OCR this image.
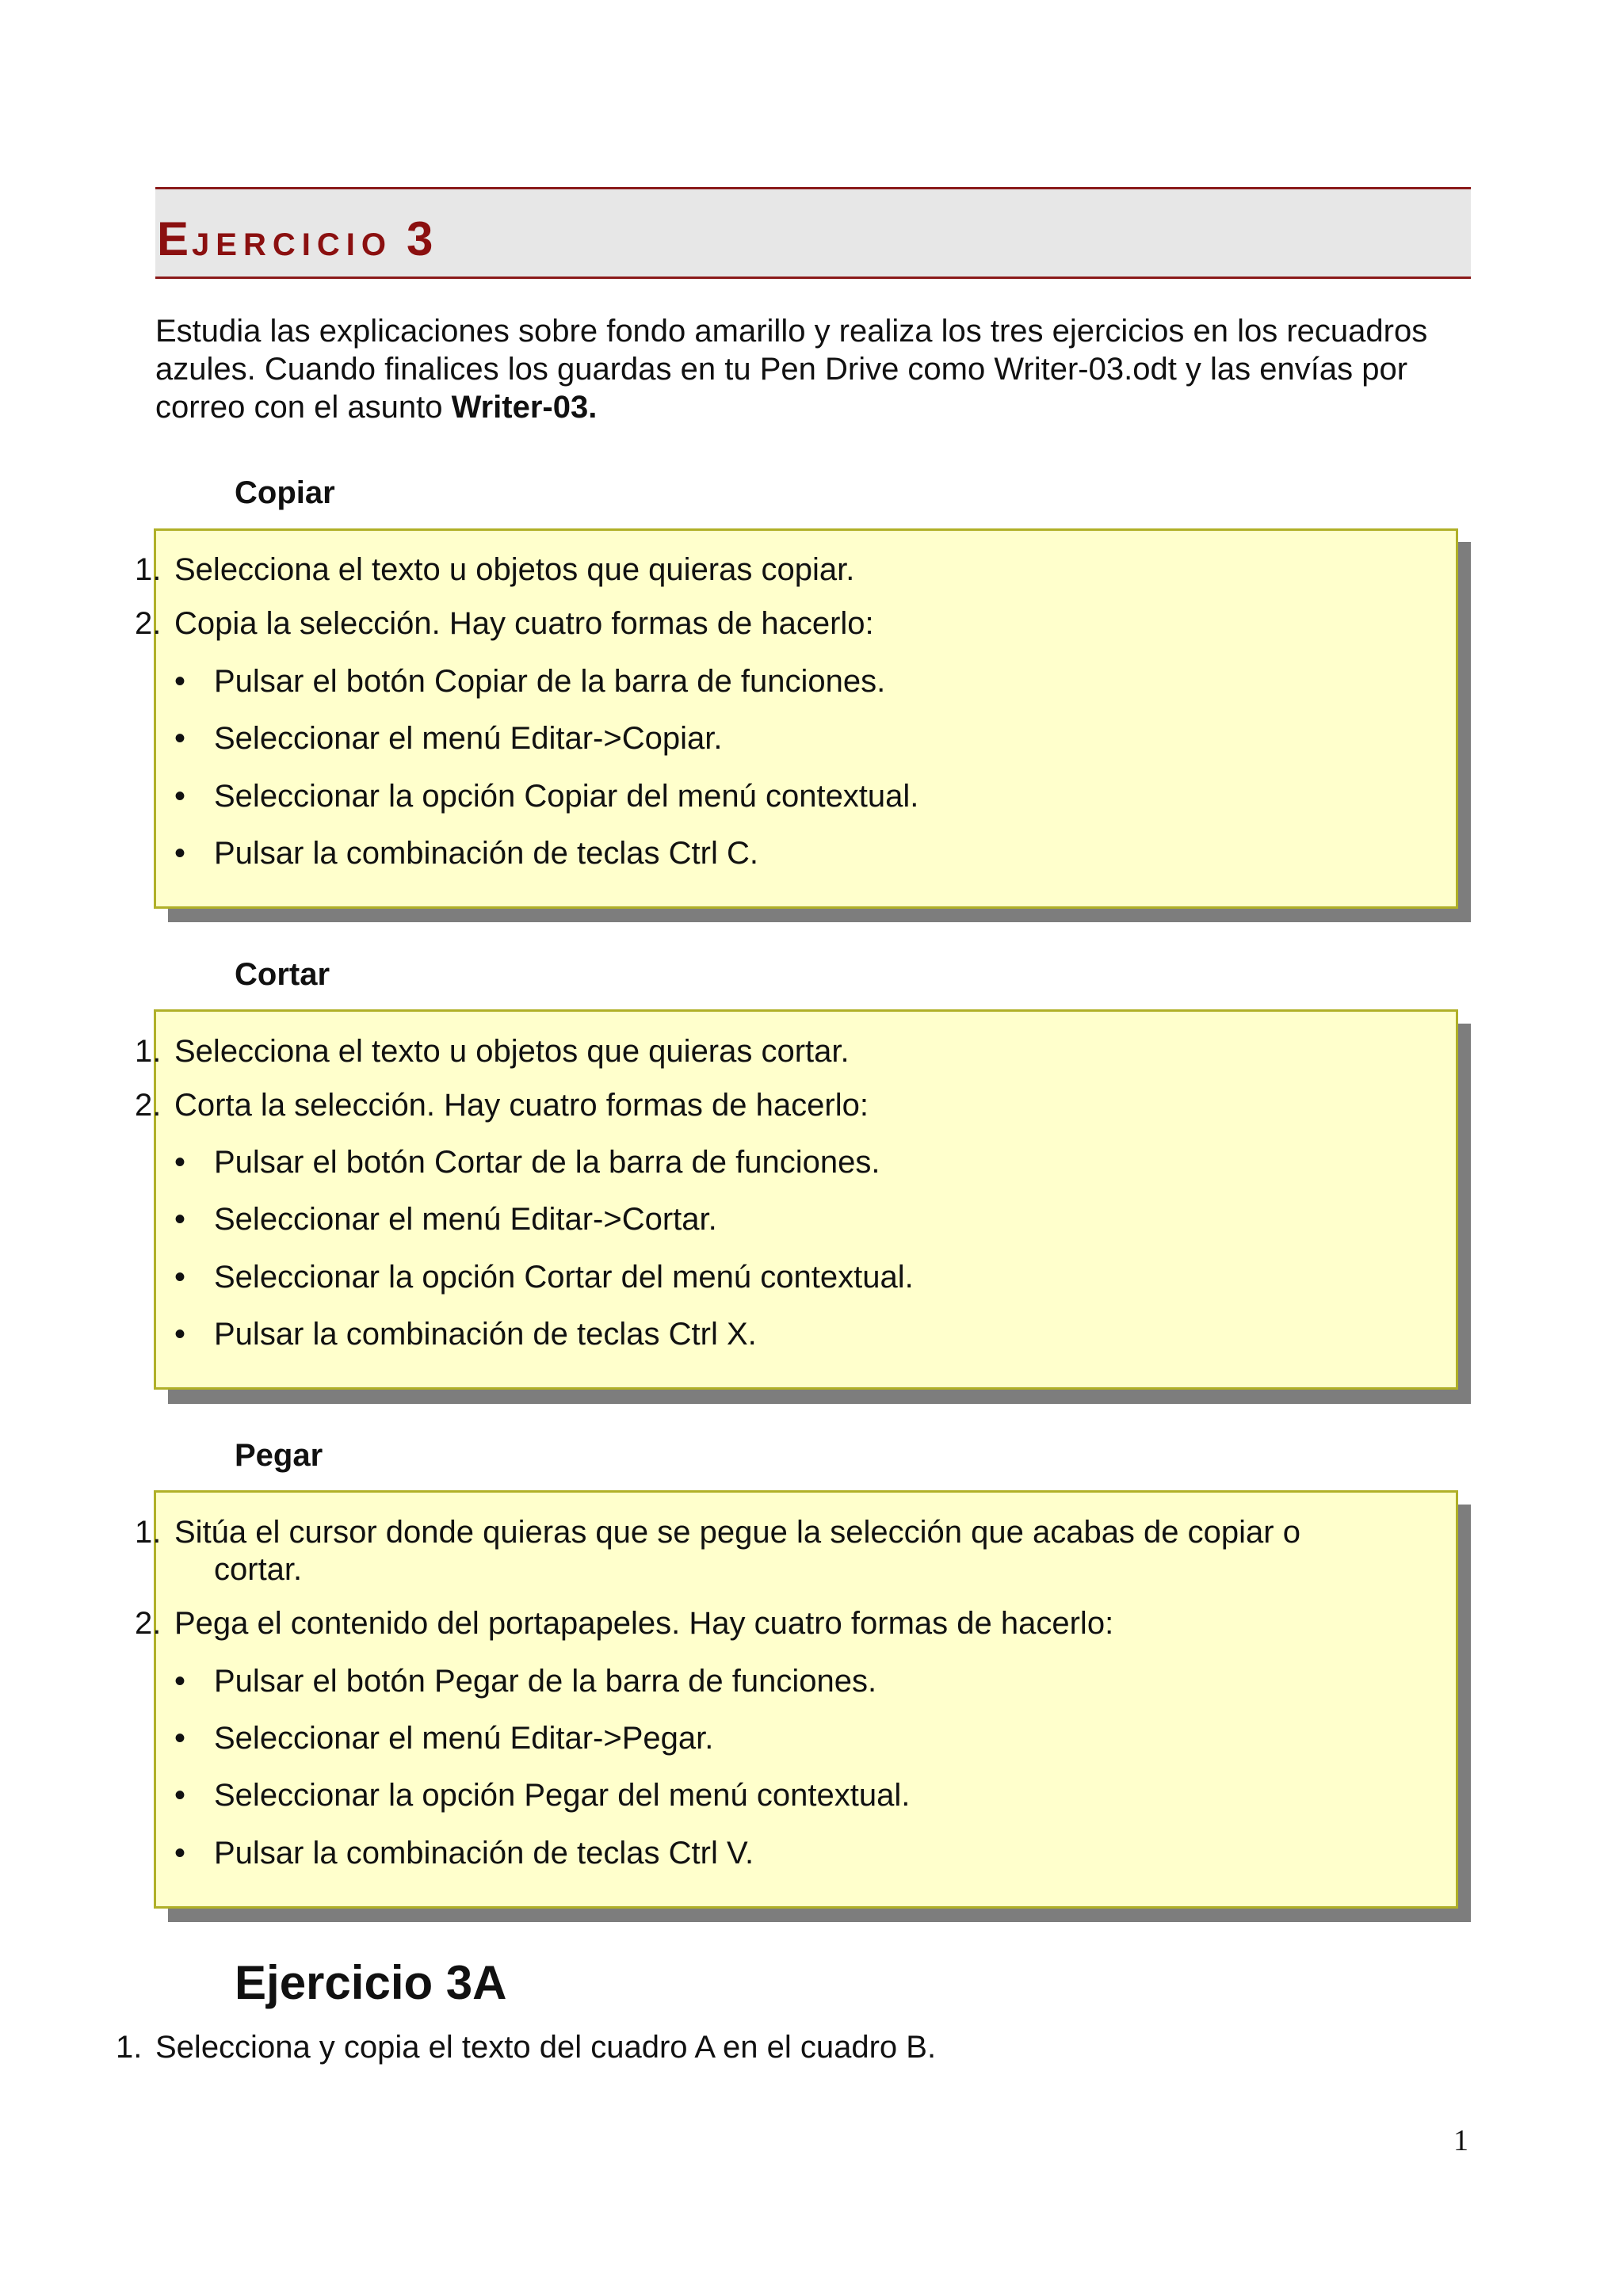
EJERCICIO 3
Estudia las explicaciones sobre fondo amarillo y realiza los tres ejercicios en los recuadros
azules. Cuando finalices los guardas en tu Pen Drive como Writer-03.odt y las envías por
correo con el asunto Writer-03.
Copiar
1. Selecciona el texto u objetos que quieras copiar.
2. Copia la selección. Hay cuatro formas de hacerlo:
• Pulsar el botón Copiar de la barra de funciones.
• Seleccionar el menú Editar->Copiar.
• Seleccionar la opción Copiar del menú contextual.
• Pulsar la combinación de teclas Ctrl C.
Cortar
1. Selecciona el texto u objetos que quieras cortar.
2. Corta la selección. Hay cuatro formas de hacerlo:
• Pulsar el botón Cortar de la barra de funciones.
• Seleccionar el menú Editar->Cortar.
• Seleccionar la opción Cortar del menú contextual.
• Pulsar la combinación de teclas Ctrl X.
Pegar
1. Sitúa el cursor donde quieras que se pegue la selección que acabas de copiar o
cortar.
2. Pega el contenido del portapapeles. Hay cuatro formas de hacerlo:
• Pulsar el botón Pegar de la barra de funciones.
• Seleccionar el menú Editar->Pegar.
• Seleccionar la opción Pegar del menú contextual.
• Pulsar la combinación de teclas Ctrl V.
Ejercicio 3A
1. Selecciona y copia el texto del cuadro A en el cuadro B.
1
